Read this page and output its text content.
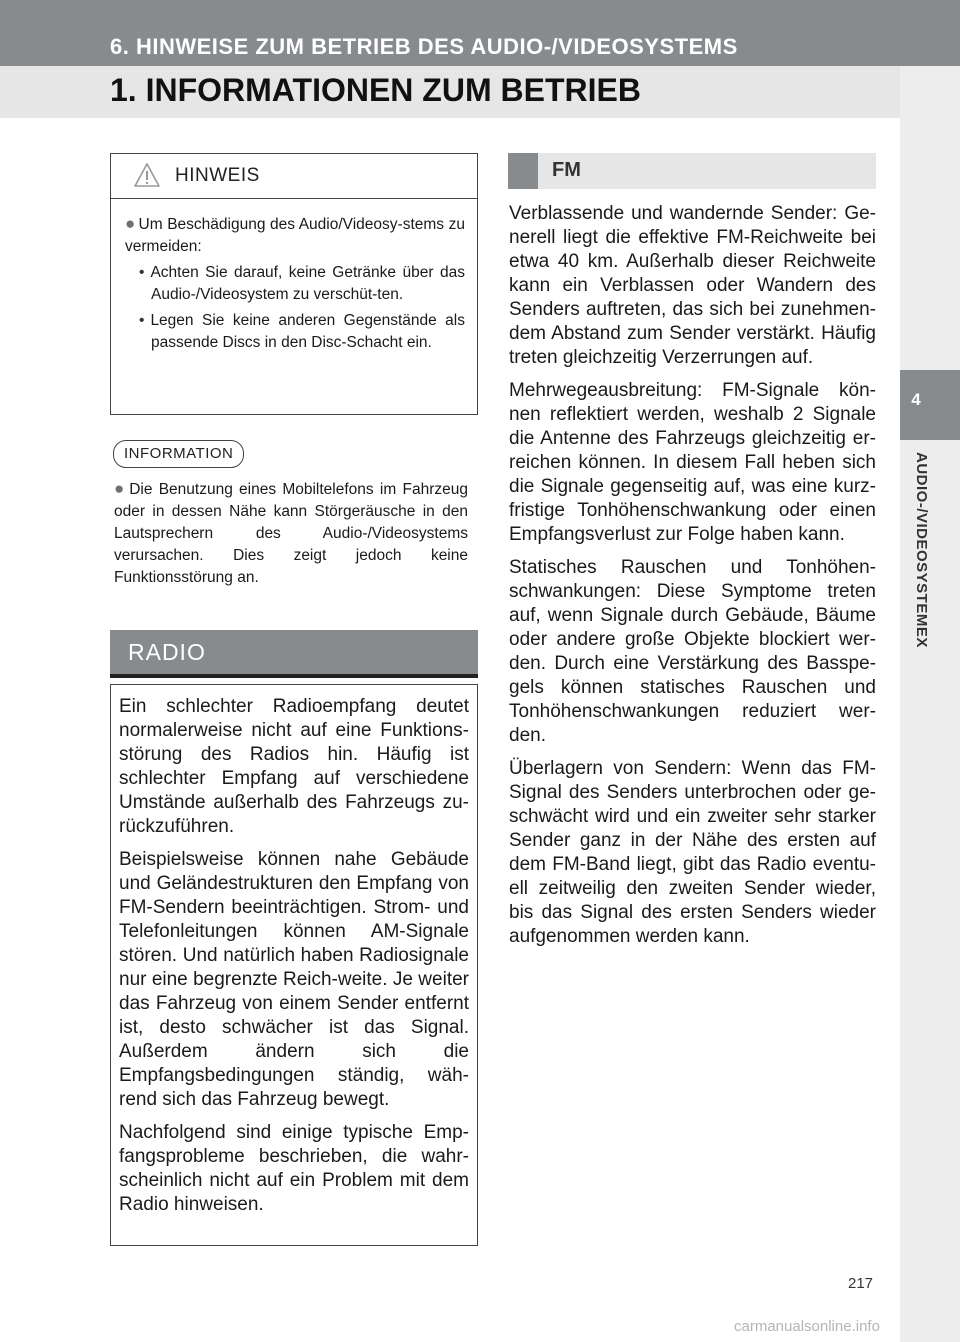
6. HINWEISE ZUM BETRIEB DES AUDIO-/VIDEOSYSTEMS
1. INFORMATIONEN ZUM BETRIEB
4
AUDIO-/VIDEOSYSTEMEX
HINWEIS
● Um Beschädigung des Audio/Videosy-stems zu vermeiden:
• Achten Sie darauf, keine Getränke über das Audio-/Videosystem zu verschüt-ten.
• Legen Sie keine anderen Gegenstände als passende Discs in den Disc-Schacht ein.
INFORMATION
● Die Benutzung eines Mobiltelefons im Fahrzeug oder in dessen Nähe kann Störgeräusche in den Lautsprechern des Audio-/Videosystems verursachen. Dies zeigt jedoch keine Funktionsstörung an.
RADIO

Ein schlechter Radioempfang deutet normalerweise nicht auf eine Funktions-störung des Radios hin. Häufig ist schlechter Empfang auf verschiedene Umstände außerhalb des Fahrzeugs zu-rückzuführen.

Beispielsweise können nahe Gebäude und Geländestrukturen den Empfang von FM-Sendern beeinträchtigen. Strom- und Telefonleitungen können AM-Signale stören. Und natürlich haben Radiosignale nur eine begrenzte Reich-weite. Je weiter das Fahrzeug von einem Sender entfernt ist, desto schwächer ist das Signal. Außerdem ändern sich die Empfangsbedingungen ständig, wäh-rend sich das Fahrzeug bewegt.

Nachfolgend sind einige typische Emp-fangsprobleme beschrieben, die wahr-scheinlich nicht auf ein Problem mit dem Radio hinweisen.

FM

Verblassende und wandernde Sender: Ge-nerell liegt die effektive FM-Reichweite bei etwa 40 km. Außerhalb dieser Reichweite kann ein Verblassen oder Wandern des Senders auftreten, das sich bei zunehmen-dem Abstand zum Sender verstärkt. Häufig treten gleichzeitig Verzerrungen auf.

Mehrwegeausbreitung: FM-Signale kön-nen reflektiert werden, weshalb 2 Signale die Antenne des Fahrzeugs gleichzeitig er-reichen können. In diesem Fall heben sich die Signale gegenseitig auf, was eine kurz-fristige Tonhöhenschwankung oder einen Empfangsverlust zur Folge haben kann.

Statisches Rauschen und Tonhöhen-schwankungen: Diese Symptome treten auf, wenn Signale durch Gebäude, Bäume oder andere große Objekte blockiert wer-den. Durch eine Verstärkung des Basspe-gels können statisches Rauschen und Tonhöhenschwankungen reduziert wer-den.

Überlagern von Sendern: Wenn das FM-Signal des Senders unterbrochen oder ge-schwächt wird und ein zweiter sehr starker Sender ganz in der Nähe des ersten auf dem FM-Band liegt, gibt das Radio eventu-ell zeitweilig den zweiten Sender wieder, bis das Signal des ersten Senders wieder aufgenommen werden kann.

217
carmanualsonline.info
